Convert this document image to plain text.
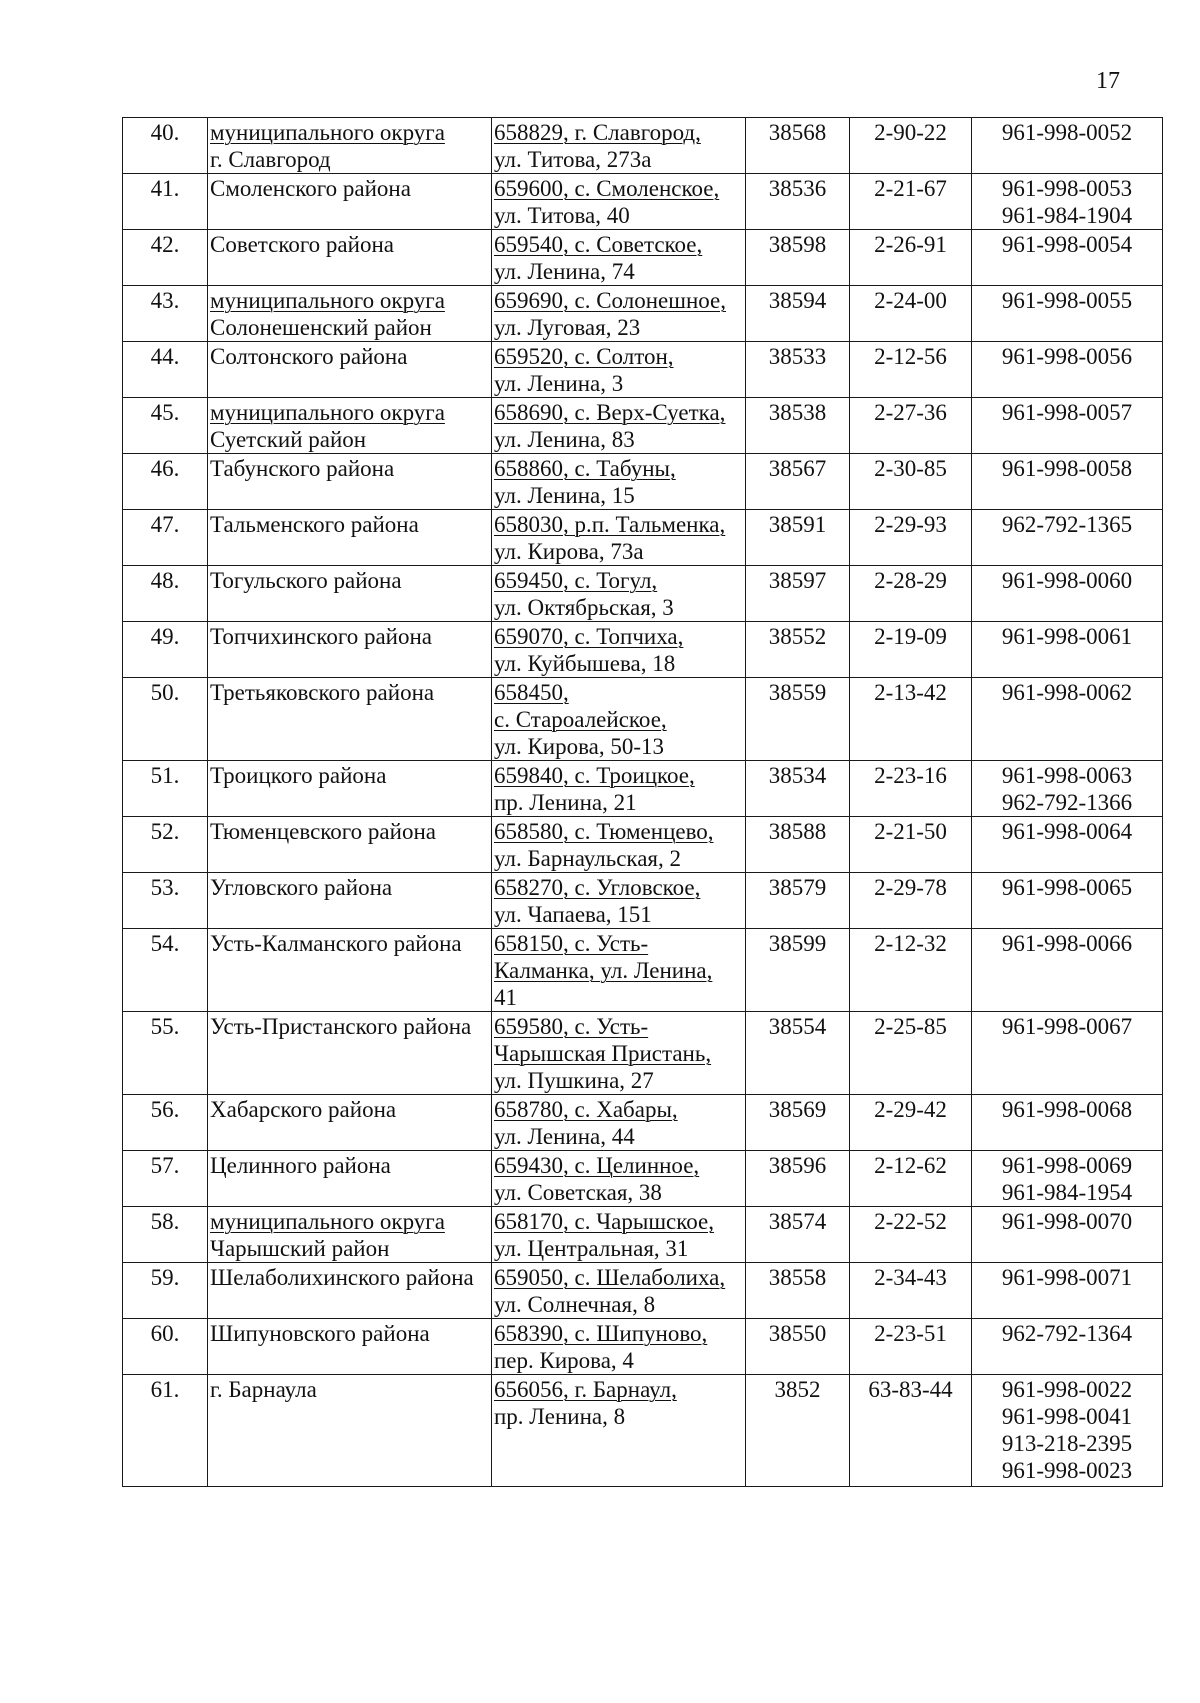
17
40.	муниципального округа
г. Славгород	658829, г. Славгород,
ул. Титова, 273а	38568	2-90-22	961-998-0052

41.	Смоленского района	659600, с. Смоленское,
ул. Титова, 40	38536	2-21-67	961-998-0053
961-984-1904

42.	Советского района	659540, с. Советское,
ул. Ленина, 74	38598	2-26-91	961-998-0054

43.	муниципального округа
Солонешенский район	659690, с. Солонешное,
ул. Луговая, 23	38594	2-24-00	961-998-0055

44.	Солтонского района	659520, с. Солтон,
ул. Ленина, 3	38533	2-12-56	961-998-0056

45.	муниципального округа
Суетский район	658690, с. Верх-Суетка,
ул. Ленина, 83	38538	2-27-36	961-998-0057

46.	Табунского района	658860, с. Табуны,
ул. Ленина, 15	38567	2-30-85	961-998-0058

47.	Тальменского района	658030, р.п. Тальменка,
ул. Кирова, 73а	38591	2-29-93	962-792-1365

48.	Тогульского района	659450, с. Тогул,
ул. Октябрьская, 3	38597	2-28-29	961-998-0060

49.	Топчихинского района	659070, с. Топчиха,
ул. Куйбышева, 18	38552	2-19-09	961-998-0061

50.	Третьяковского района	658450,
с. Староалейское,
ул. Кирова, 50-13	38559	2-13-42	961-998-0062

51.	Троицкого района	659840, с. Троицкое,
пр. Ленина, 21	38534	2-23-16	961-998-0063
962-792-1366

52.	Тюменцевского района	658580, с. Тюменцево,
ул. Барнаульская, 2	38588	2-21-50	961-998-0064

53.	Угловского района	658270, с. Угловское,
ул. Чапаева, 151	38579	2-29-78	961-998-0065

54.	Усть-Калманского района	658150, с. Усть-
Калманка, ул. Ленина,
41	38599	2-12-32	961-998-0066

55.	Усть-Пристанского района	659580, с. Усть-
Чарышская Пристань,
ул. Пушкина, 27	38554	2-25-85	961-998-0067

56.	Хабарского района	658780, с. Хабары,
ул. Ленина, 44	38569	2-29-42	961-998-0068

57.	Целинного района	659430, с. Целинное,
ул. Советская, 38	38596	2-12-62	961-998-0069
961-984-1954

58.	муниципального округа
Чарышский район	658170, с. Чарышское,
ул. Центральная, 31	38574	2-22-52	961-998-0070

59.	Шелаболихинского района	659050, с. Шелаболиха,
ул. Солнечная, 8	38558	2-34-43	961-998-0071

60.	Шипуновского района	658390, с. Шипуново,
пер. Кирова, 4	38550	2-23-51	962-792-1364

61.	г. Барнаула	656056, г. Барнаул,
пр. Ленина, 8	3852	63-83-44	961-998-0022
961-998-0041
913-218-2395
961-998-0023
